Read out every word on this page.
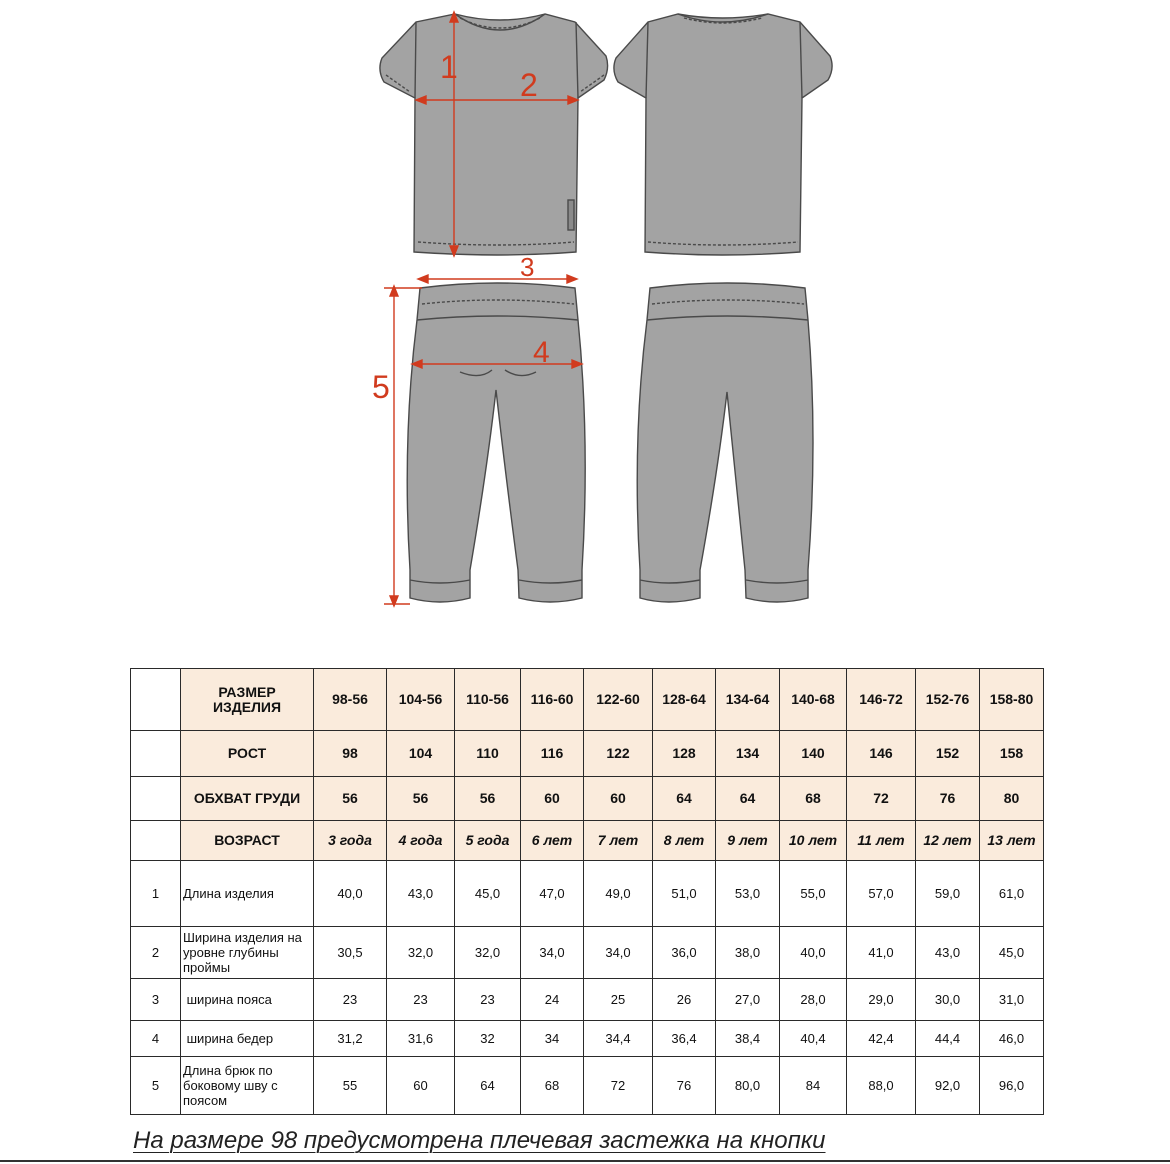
1 2
3
4
5
	РАЗМЕР ИЗДЕЛИЯ	98-56	104-56	110-56	116-60	122-60	128-64	134-64	140-68	146-72	152-76	158-80
	РОСТ	98	104	110	116	122	128	134	140	146	152	158
	ОБХВАТ ГРУДИ	56	56	56	60	60	64	64	68	72	76	80
	ВОЗРАСТ	3 года	4 года	5 года	6 лет	7 лет	8 лет	9 лет	10 лет	11 лет	12 лет	13 лет
1	Длина изделия	40,0	43,0	45,0	47,0	49,0	51,0	53,0	55,0	57,0	59,0	61,0
2	Ширина изделия на уровне глубины проймы	30,5	32,0	32,0	34,0	34,0	36,0	38,0	40,0	41,0	43,0	45,0
3	ширина пояса	23	23	23	24	25	26	27,0	28,0	29,0	30,0	31,0
4	ширина бедер	31,2	31,6	32	34	34,4	36,4	38,4	40,4	42,4	44,4	46,0
5	Длина брюк по боковому шву с поясом	55	60	64	68	72	76	80,0	84	88,0	92,0	96,0
На размере 98 предусмотрена плечевая застежка на кнопки
